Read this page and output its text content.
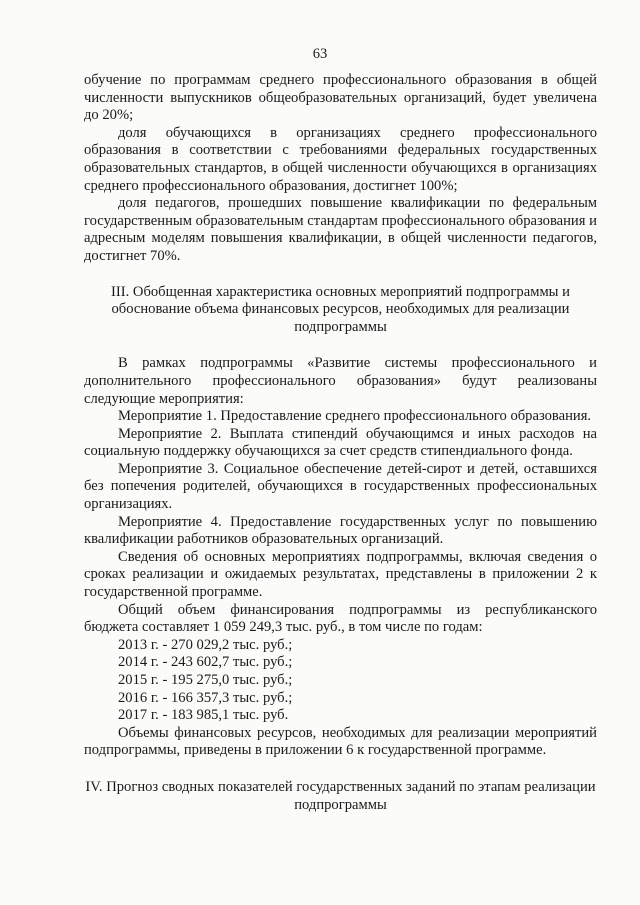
63

обучение по программам среднего профессионального образования в общей численности выпускников общеобразовательных организаций, будет увеличена до 20%;

доля обучающихся в организациях среднего профессионального образования в соответствии с требованиями федеральных государственных образовательных стандартов, в общей численности обучающихся в организациях среднего профессионального образования, достигнет 100%;

доля педагогов, прошедших повышение квалификации по федеральным государственным образовательным стандартам профессионального образования и адресным моделям повышения квалификации, в общей численности педагогов, достигнет 70%.

III. Обобщенная характеристика основных мероприятий подпрограммы и обоснование объема финансовых ресурсов, необходимых для реализации подпрограммы

В рамках подпрограммы «Развитие системы профессионального и дополнительного профессионального образования» будут реализованы следующие мероприятия:

Мероприятие 1. Предоставление среднего профессионального образования.

Мероприятие 2. Выплата стипендий обучающимся и иных расходов на социальную поддержку обучающихся за счет средств стипендиального фонда.

Мероприятие 3. Социальное обеспечение детей-сирот и детей, оставшихся без попечения родителей, обучающихся в государственных профессиональных организациях.

Мероприятие 4. Предоставление государственных услуг по повышению квалификации работников образовательных организаций.

Сведения об основных мероприятиях подпрограммы, включая сведения о сроках реализации и ожидаемых результатах, представлены в приложении 2 к государственной программе.

Общий объем финансирования подпрограммы из республиканского бюджета составляет 1 059 249,3 тыс. руб., в том числе по годам:

2013 г. - 270 029,2 тыс. руб.;
2014 г. - 243 602,7 тыс. руб.;
2015 г. - 195 275,0 тыс. руб.;
2016 г. - 166 357,3 тыс. руб.;
2017 г. - 183 985,1 тыс. руб.

Объемы финансовых ресурсов, необходимых для реализации мероприятий подпрограммы, приведены в приложении 6 к государственной программе.

IV. Прогноз сводных показателей государственных заданий по этапам реализации подпрограммы
